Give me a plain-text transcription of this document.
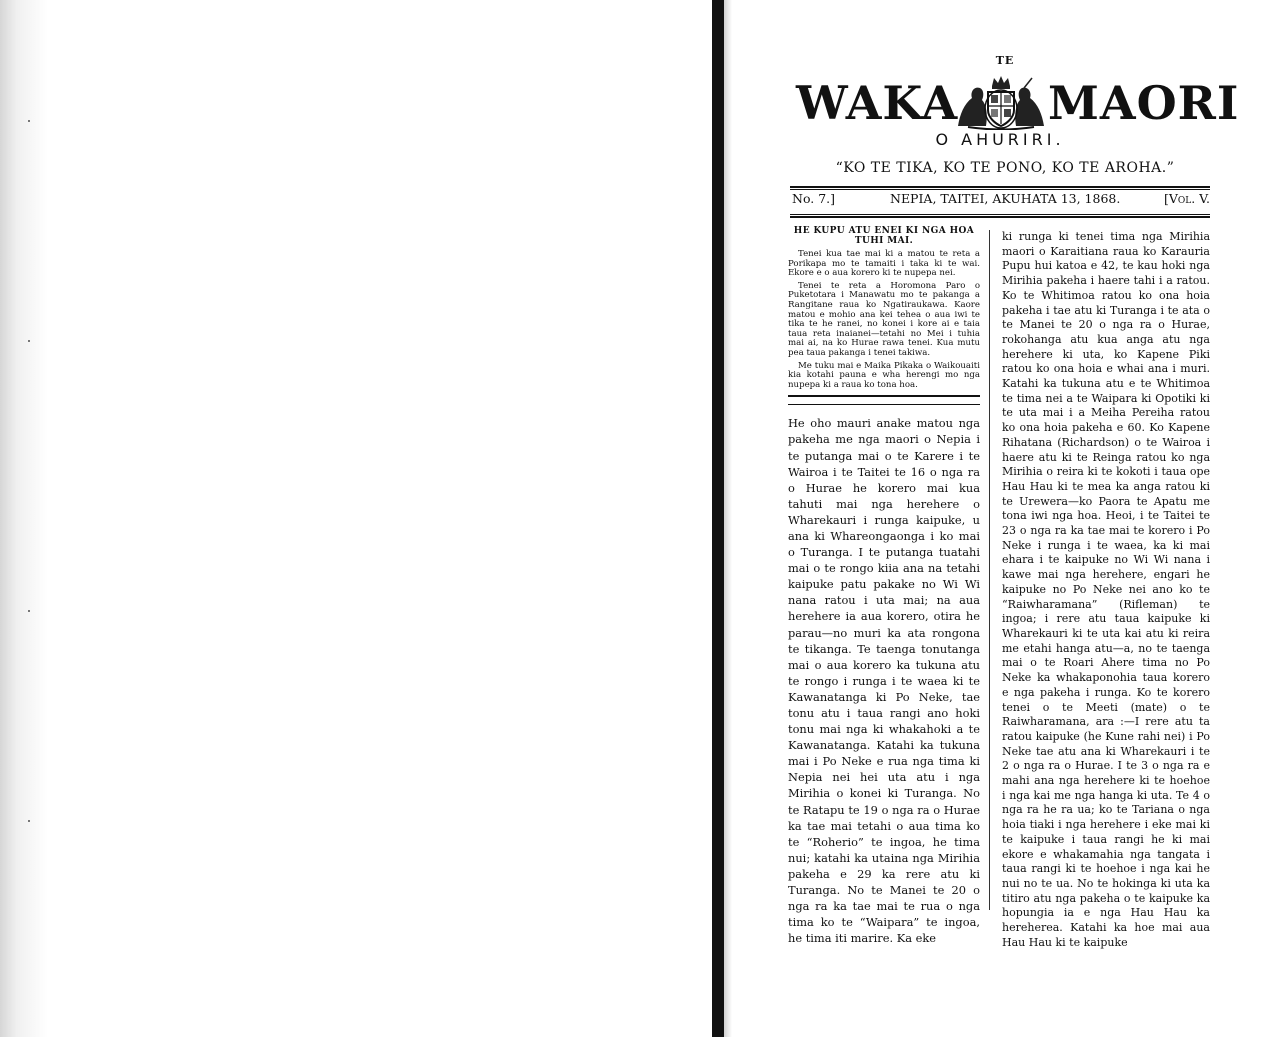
TE
WAKA MAORI
O AHURIRI.
“KO TE TIKA, KO TE PONO, KO TE AROHA.”
No. 7.]	NEPIA, TAITEI, AKUHATA 13, 1868.	[Vol. V.

HE KUPU ATU ENEI KI NGA HOA TUHI MAI.

Tenei kua tae mai ki a matou te reta a Porikapa mo te tamaiti i taka ki te wai. Ekore e o aua korero ki te nupepa nei.

Tenei te reta a Horomona Paro o Puketotara i Manawatu mo te pakanga a Rangitane raua ko Ngatiraukawa. Kaore matou e mohio ana kei tehea o aua iwi te tika te he ranei, no konei i kore ai e taia taua reta inaianei—tetahi no Mei i tuhia mai ai, na ko Hurae rawa tenei. Kua mutu pea taua pakanga i tenei takiwa.

Me tuku mai e Maika Pikaka o Waikouaiti kia kotahi pauna e wha herengi mo nga nupepa ki a raua ko tona hoa.

He oho mauri anake matou nga pakeha me nga maori o Nepia i te putanga mai o te Karere i te Wairoa i te Taitei te 16 o nga ra o Hurae he korero mai kua tahuti mai nga herehere o Wharekauri i runga kaipuke, u ana ki Whareongaonga i ko mai o Turanga. I te putanga tuatahi mai o te rongo kiia ana na tetahi kaipuke patu pakake no Wi Wi nana ratou i uta mai; na aua herehere ia aua korero, otira he parau—no muri ka ata rongona te tikanga. Te taenga tonutanga mai o aua korero ka tukuna atu te rongo i runga i te waea ki te Kawanatanga ki Po Neke, tae tonu atu i taua rangi ano hoki tonu mai nga ki whakahoki a te Kawanatanga. Katahi ka tukuna mai i Po Neke e rua nga tima ki Nepia nei hei uta atu i nga Mirihia o konei ki Turanga. No te Ratapu te 19 o nga ra o Hurae ka tae mai tetahi o aua tima ko te “Roherio” te ingoa, he tima nui; katahi ka utaina nga Mirihia pakeha e 29 ka rere atu ki Turanga. No te Manei te 20 o nga ra ka tae mai te rua o nga tima ko te “Waipara” te ingoa, he tima iti marire. Ka eke

ki runga ki tenei tima nga Mirihia maori o Karaitiana raua ko Karauria Pupu hui katoa e 42, te kau hoki nga Mirihia pakeha i haere tahi i a ratou. Ko te Whitimoa ratou ko ona hoia pakeha i tae atu ki Turanga i te ata o te Manei te 20 o nga ra o Hurae, rokohanga atu kua anga atu nga herehere ki uta, ko Kapene Piki ratou ko ona hoia e whai ana i muri. Katahi ka tukuna atu e te Whitimoa te tima nei a te Waipara ki Opotiki ki te uta mai i a Meiha Pereiha ratou ko ona hoia pakeha e 60. Ko Kapene Rihatana (Richardson) o te Wairoa i haere atu ki te Reinga ratou ko nga Mirihia o reira ki te kokoti i taua ope Hau Hau ki te mea ka anga ratou ki te Urewera—ko Paora te Apatu me tona iwi nga hoa. Heoi, i te Taitei te 23 o nga ra ka tae mai te korero i Po Neke i runga i te waea, ka ki mai ehara i te kaipuke no Wi Wi nana i kawe mai nga herehere, engari he kaipuke no Po Neke nei ano ko te “Raiwharamana” (Rifleman) te ingoa; i rere atu taua kaipuke ki Wharekauri ki te uta kai atu ki reira me etahi hanga atu—a, no te taenga mai o te Roari Ahere tima no Po Neke ka whakaponohia taua korero e nga pakeha i runga. Ko te korero tenei o te Meeti (mate) o te Raiwharamana, ara :—I rere atu ta ratou kaipuke (he Kune rahi nei) i Po Neke tae atu ana ki Wharekauri i te 2 o nga ra o Hurae. I te 3 o nga ra e mahi ana nga herehere ki te hoehoe i nga kai me nga hanga ki uta. Te 4 o nga ra he ra ua; ko te Tariana o nga hoia tiaki i nga herehere i eke mai ki te kaipuke i taua rangi he ki mai ekore e whakamahia nga tangata i taua rangi ki te hoehoe i nga kai he nui no te ua. No te hokinga ki uta ka titiro atu nga pakeha o te kaipuke ka hopungia ia e nga Hau Hau ka hereherea. Katahi ka hoe mai aua Hau Hau ki te kaipuke
